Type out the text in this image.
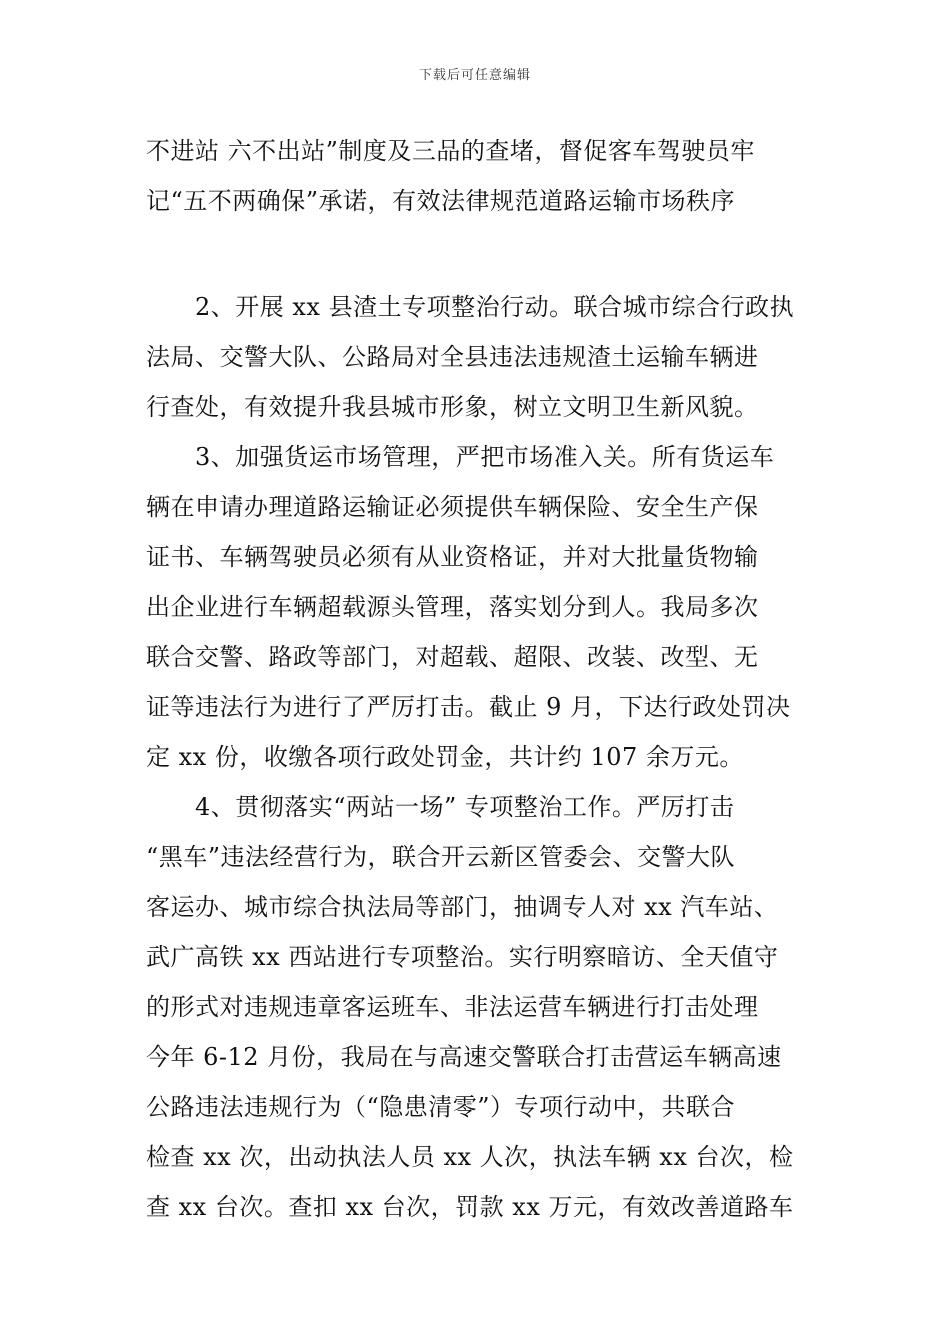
下载后可任意编辑
不进站 六不出站”制度及三品的查堵，督促客车驾驶员牢
记“五不两确保”承诺，有效法律规范道路运输市场秩序
　　2、开展 xx 县渣土专项整治行动。联合城市综合行政执
法局、交警大队、公路局对全县违法违规渣土运输车辆进
行查处，有效提升我县城市形象，树立文明卫生新风貌。
　　3、加强货运市场管理，严把市场准入关。所有货运车
辆在申请办理道路运输证必须提供车辆保险、安全生产保
证书、车辆驾驶员必须有从业资格证，并对大批量货物输
出企业进行车辆超载源头管理，落实划分到人。我局多次
联合交警、路政等部门，对超载、超限、改装、改型、无
证等违法行为进行了严厉打击。截止 9 月，下达行政处罚决
定 xx 份，收缴各项行政处罚金，共计约 107 余万元。
　　4、贯彻落实“两站一场” 专项整治工作。严厉打击
“黑车”违法经营行为，联合开云新区管委会、交警大队
客运办、城市综合执法局等部门，抽调专人对 xx 汽车站、
武广高铁 xx 西站进行专项整治。实行明察暗访、全天值守
的形式对违规违章客运班车、非法运营车辆进行打击处理
今年 6-12 月份，我局在与高速交警联合打击营运车辆高速
公路违法违规行为（“隐患清零”）专项行动中，共联合
检查 xx 次，出动执法人员 xx 人次，执法车辆 xx 台次，检
查 xx 台次。查扣 xx 台次，罚款 xx 万元，有效改善道路车
